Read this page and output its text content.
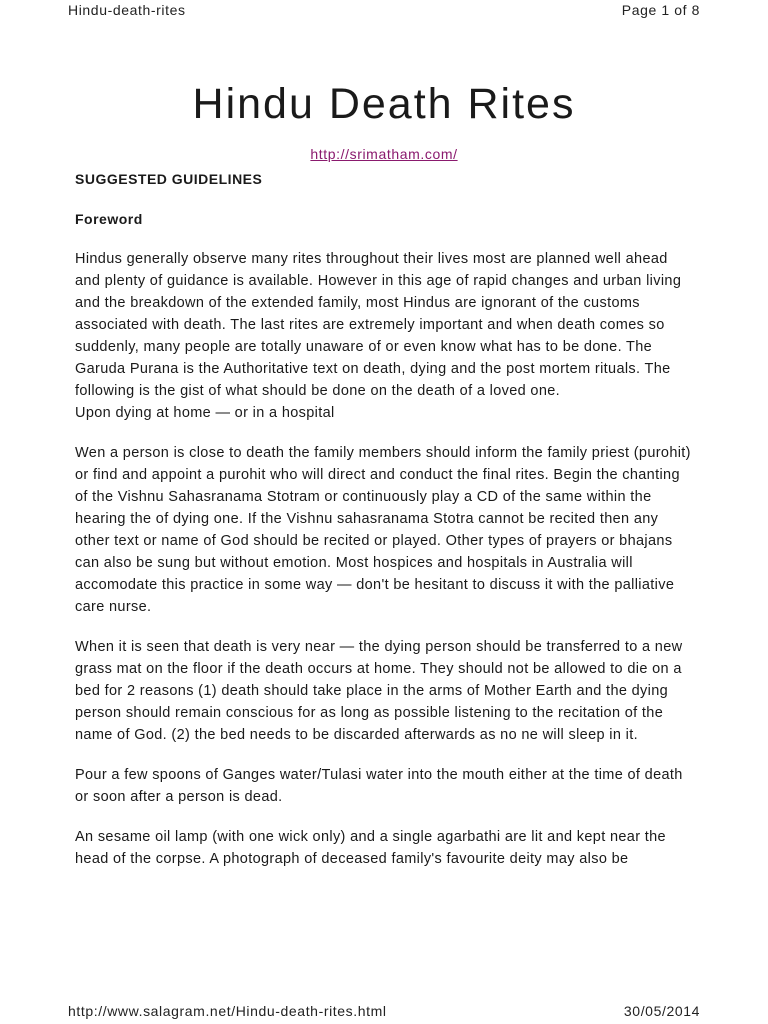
Hindu-death-rites	Page 1 of 8
Hindu Death Rites
http://srimatham.com/
SUGGESTED GUIDELINES
Foreword

Hindus generally observe many rites throughout their lives most are planned well ahead and plenty of guidance is available. However in this age of rapid changes and urban living and the breakdown of the extended family, most Hindus are ignorant of the customs associated with death. The last rites are extremely important and when death comes so suddenly, many people are totally unaware of or even know what has to be done. The Garuda Purana is the Authoritative text on death, dying and the post mortem rituals. The following is the gist of what should be done on the death of a loved one.

Upon dying at home — or in a hospital

Wen a person is close to death the family members should inform the family priest (purohit) or find and appoint a purohit who will direct and conduct the final rites. Begin the chanting of the Vishnu Sahasranama Stotram or continuously play a CD of the same within the hearing the of dying one. If the Vishnu sahasranama Stotra cannot be recited then any other text or name of God should be recited or played. Other types of prayers or bhajans can also be sung but without emotion. Most hospices and hospitals in Australia will accomodate this practice in some way — don't be hesitant to discuss it with the palliative care nurse.

When it is seen that death is very near — the dying person should be transferred to a new grass mat on the floor if the death occurs at home. They should not be allowed to die on a bed for 2 reasons (1) death should take place in the arms of Mother Earth and the dying person should remain conscious for as long as possible listening to the recitation of the name of God. (2) the bed needs to be discarded afterwards as no ne will sleep in it.

Pour a few spoons of Ganges water/Tulasi water into the mouth either at the time of death or soon after a person is dead.

An sesame oil lamp (with one wick only) and a single agarbathi are lit and kept near the head of the corpse. A photograph of deceased family's favourite deity may also be

http://www.salagram.net/Hindu-death-rites.html	30/05/2014
